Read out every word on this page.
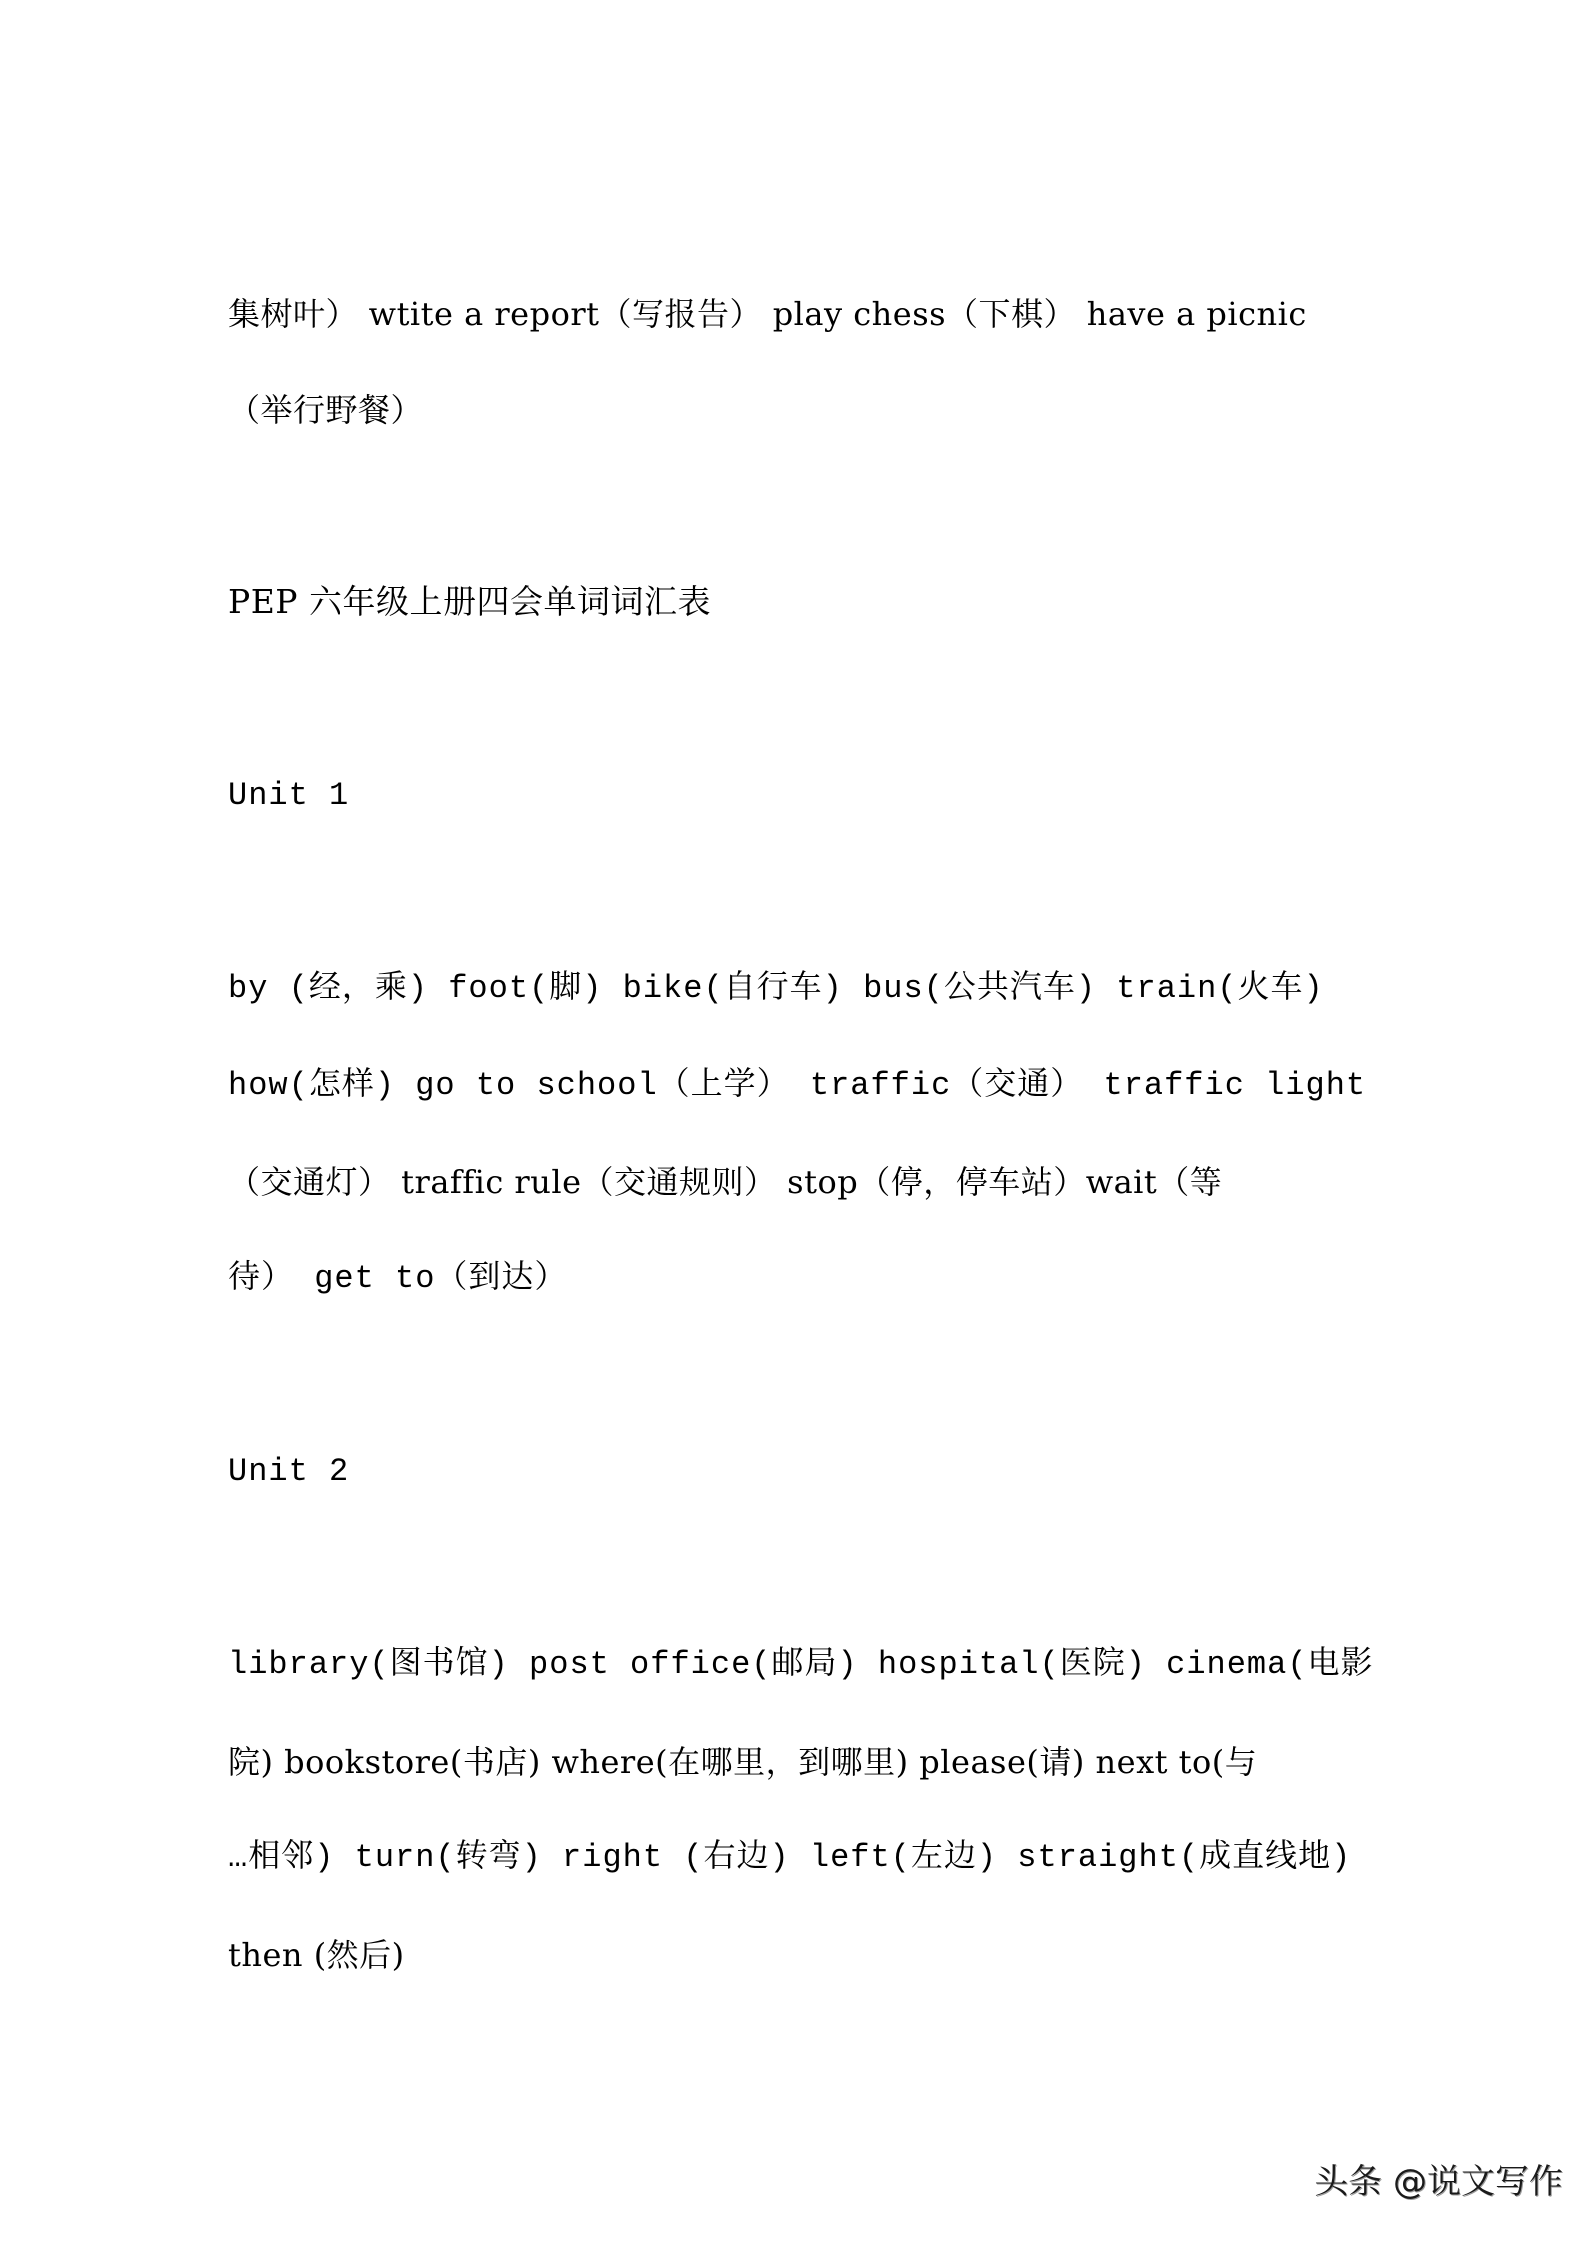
集树叶） wtite a report（写报告） play chess（下棋） have a picnic
（举行野餐）
PEP 六年级上册四会单词词汇表
Unit 1
by (经，乘) foot(脚) bike(自行车) bus(公共汽车) train(火车)
how(怎样) go to school（上学） traffic（交通） traffic light
（交通灯） traffic rule（交通规则） stop（停，停车站）wait（等
待） get to（到达）
Unit 2
library(图书馆) post office(邮局) hospital(医院) cinema(电影
院) bookstore(书店) where(在哪里，到哪里) please(请) next to(与
…相邻) turn(转弯) right (右边) left(左边) straight(成直线地)
then (然后)
头条 @说文写作
